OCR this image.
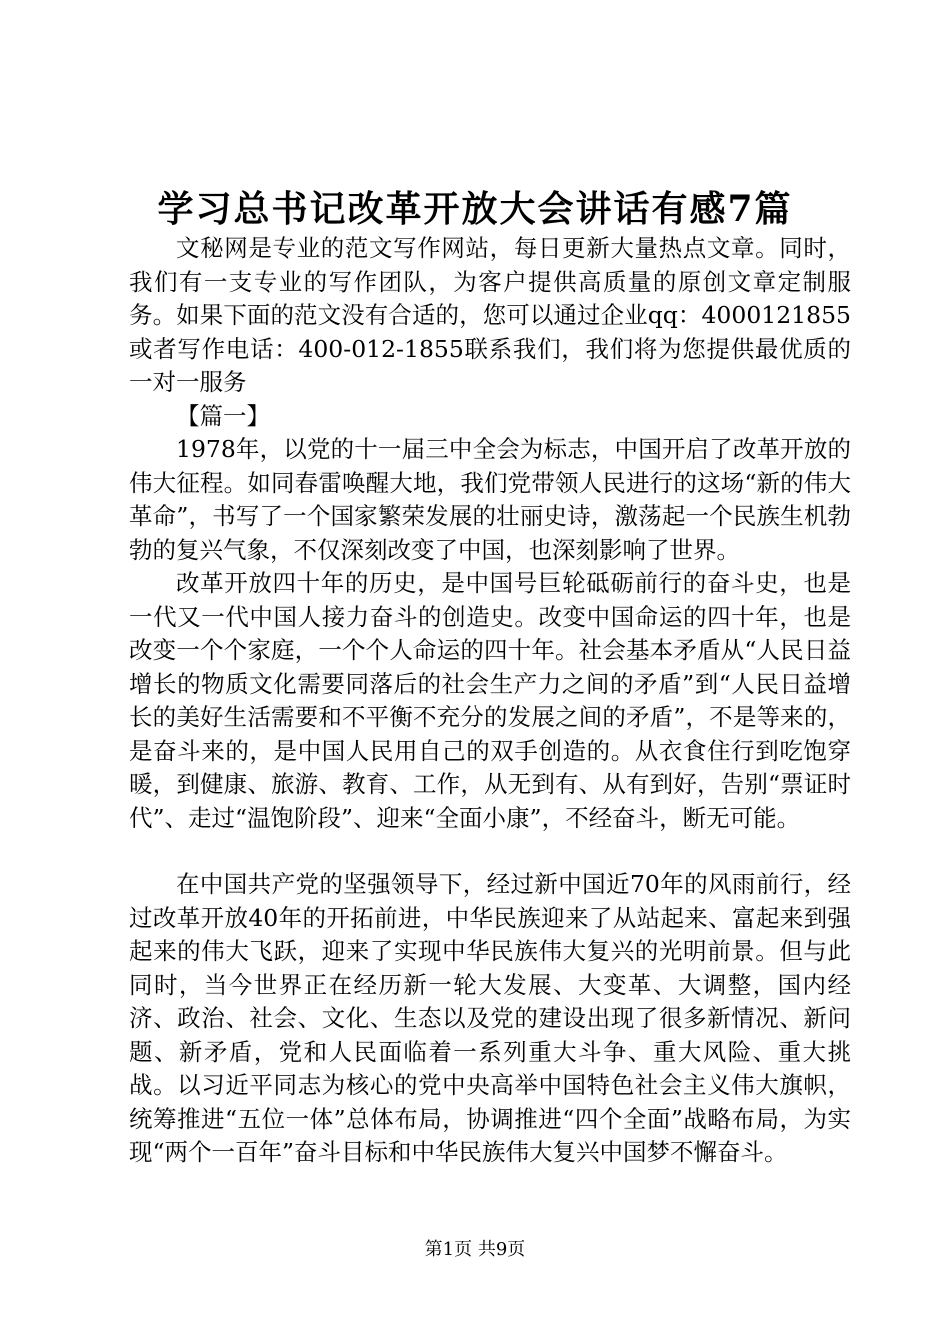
学习总书记改革开放大会讲话有感7篇

文秘网是专业的范文写作网站，每日更新大量热点文章。同时，我们有一支专业的写作团队，为客户提供高质量的原创文章定制服务。如果下面的范文没有合适的，您可以通过企业qq：4000121855或者写作电话：400-012-1855联系我们，我们将为您提供最优质的一对一服务

【篇一】

1978年，以党的十一届三中全会为标志，中国开启了改革开放的伟大征程。如同春雷唤醒大地，我们党带领人民进行的这场“新的伟大革命”，书写了一个国家繁荣发展的壮丽史诗，激荡起一个民族生机勃勃的复兴气象，不仅深刻改变了中国，也深刻影响了世界。

改革开放四十年的历史，是中国号巨轮砥砺前行的奋斗史，也是一代又一代中国人接力奋斗的创造史。改变中国命运的四十年，也是改变一个个家庭，一个个人命运的四十年。社会基本矛盾从“人民日益增长的物质文化需要同落后的社会生产力之间的矛盾”到“人民日益增长的美好生活需要和不平衡不充分的发展之间的矛盾”，不是等来的，是奋斗来的，是中国人民用自己的双手创造的。从衣食住行到吃饱穿暖，到健康、旅游、教育、工作，从无到有、从有到好，告别“票证时代”、走过“温饱阶段”、迎来“全面小康”，不经奋斗，断无可能。

在中国共产党的坚强领导下，经过新中国近70年的风雨前行，经过改革开放40年的开拓前进，中华民族迎来了从站起来、富起来到强起来的伟大飞跃，迎来了实现中华民族伟大复兴的光明前景。但与此同时，当今世界正在经历新一轮大发展、大变革、大调整，国内经济、政治、社会、文化、生态以及党的建设出现了很多新情况、新问题、新矛盾，党和人民面临着一系列重大斗争、重大风险、重大挑战。以习近平同志为核心的党中央高举中国特色社会主义伟大旗帜，统筹推进“五位一体”总体布局，协调推进“四个全面”战略布局，为实现“两个一百年”奋斗目标和中华民族伟大复兴中国梦不懈奋斗。

第1页 共9页
